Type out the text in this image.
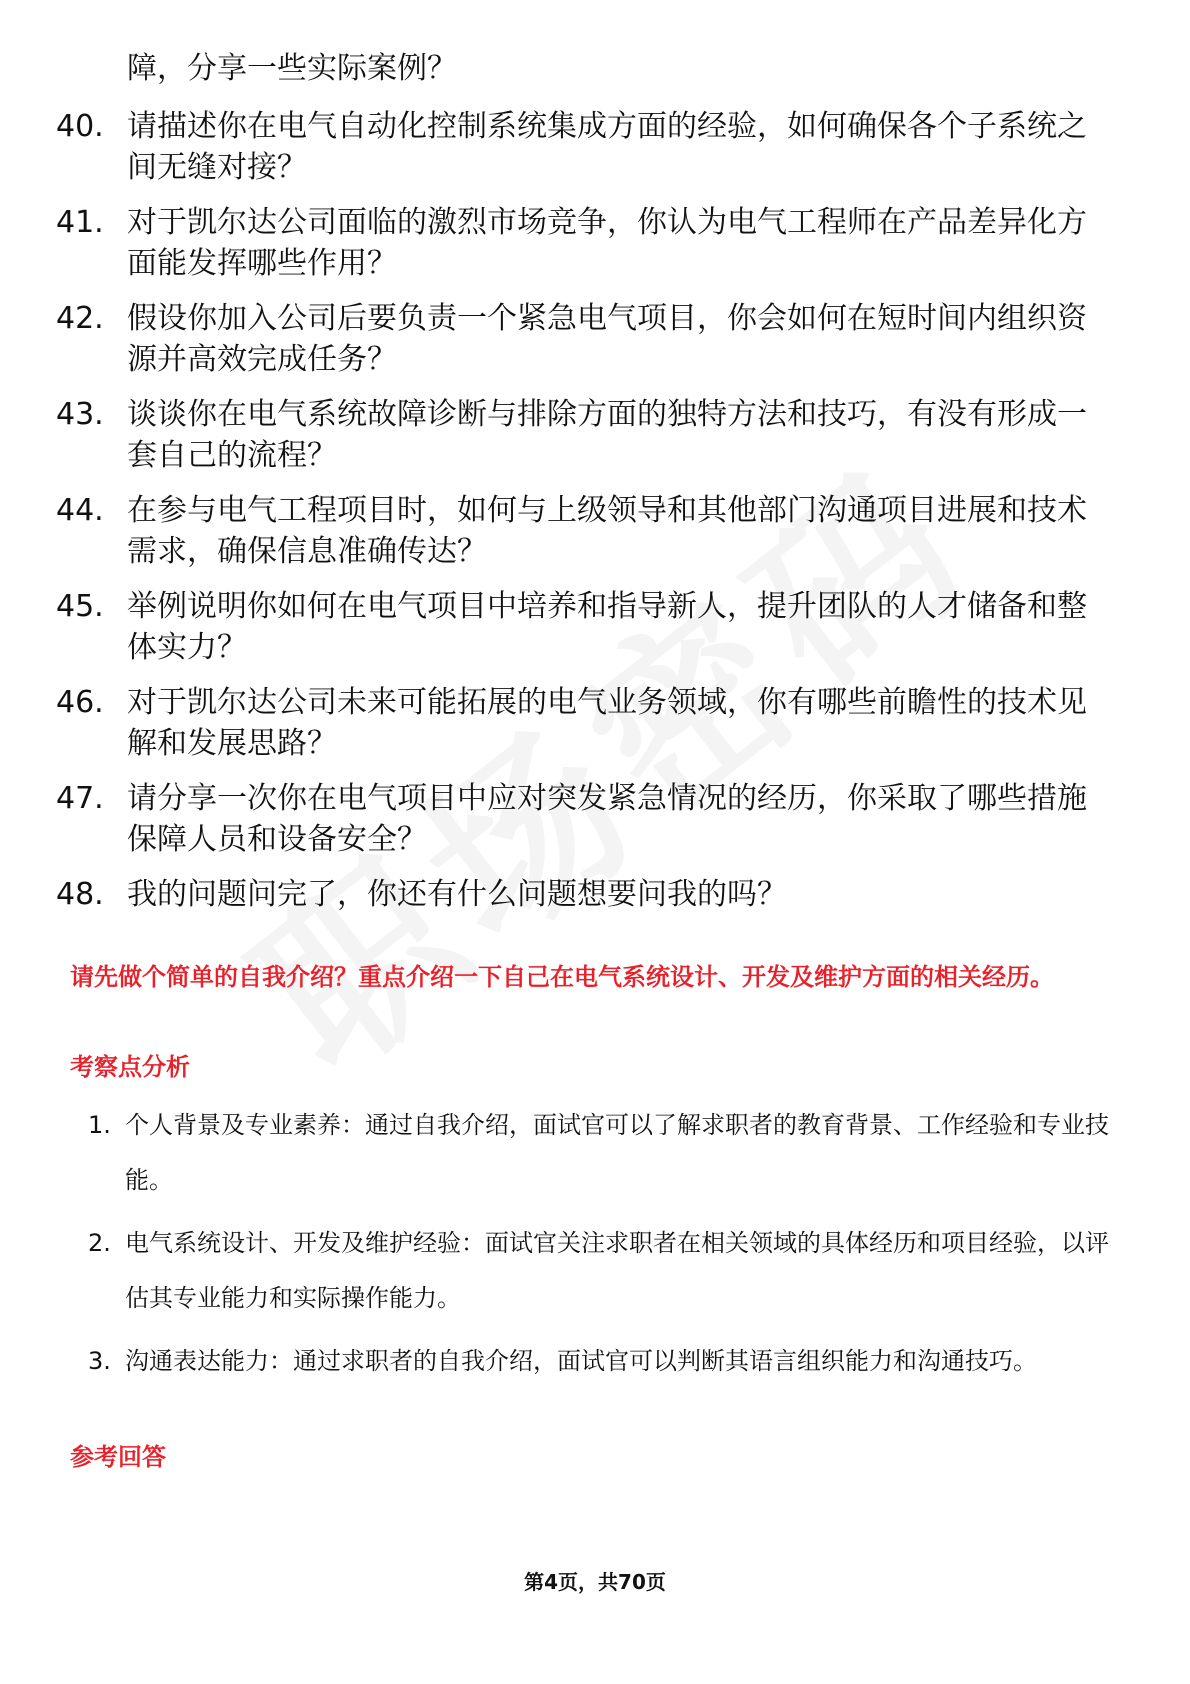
障，分享一些实际案例？
40. 请描述你在电气自动化控制系统集成方面的经验，如何确保各个子系统之间无缝对接？
41. 对于凯尔达公司面临的激烈市场竞争，你认为电气工程师在产品差异化方面能发挥哪些作用？
42. 假设你加入公司后要负责一个紧急电气项目，你会如何在短时间内组织资源并高效完成任务？
43. 谈谈你在电气系统故障诊断与排除方面的独特方法和技巧，有没有形成一套自己的流程？
44. 在参与电气工程项目时，如何与上级领导和其他部门沟通项目进展和技术需求，确保信息准确传达？
45. 举例说明你如何在电气项目中培养和指导新人，提升团队的人才储备和整体实力？
46. 对于凯尔达公司未来可能拓展的电气业务领域，你有哪些前瞻性的技术见解和发展思路？
47. 请分享一次你在电气项目中应对突发紧急情况的经历，你采取了哪些措施保障人员和设备安全？
48. 我的问题问完了，你还有什么问题想要问我的吗？
请先做个简单的自我介绍？重点介绍一下自己在电气系统设计、开发及维护方面的相关经历。
考察点分析
1. 个人背景及专业素养：通过自我介绍，面试官可以了解求职者的教育背景、工作经验和专业技能。
2. 电气系统设计、开发及维护经验：面试官关注求职者在相关领域的具体经历和项目经验，以评估其专业能力和实际操作能力。
3. 沟通表达能力：通过求职者的自我介绍，面试官可以判断其语言组织能力和沟通技巧。
参考回答
第4页，共70页
